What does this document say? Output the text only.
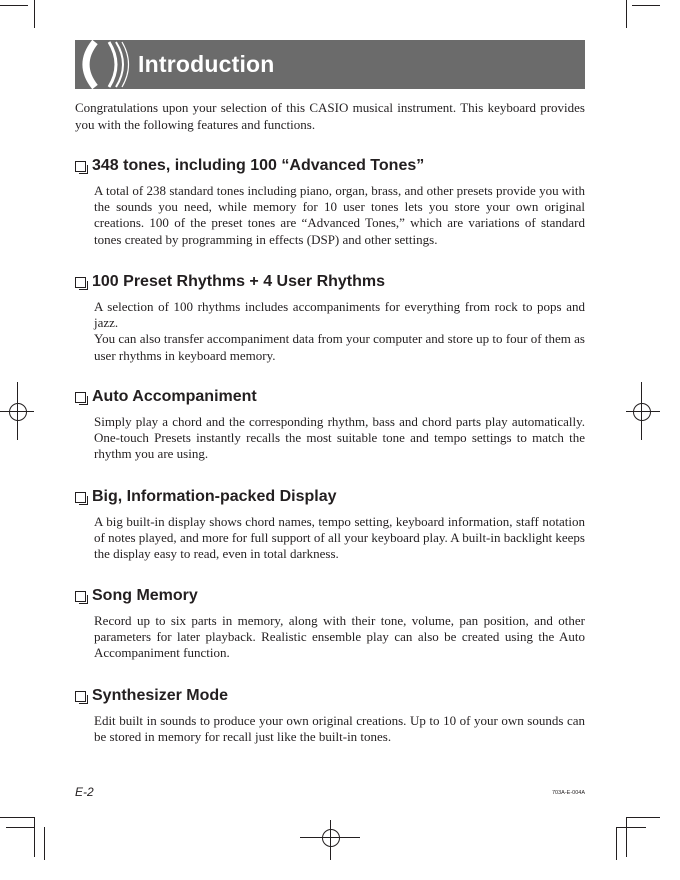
Introduction

Congratulations upon your selection of this CASIO musical instrument. This keyboard provides you with the following features and functions.

348 tones, including 100 “Advanced Tones”

A total of 238 standard tones including piano, organ, brass, and other presets provide you with the sounds you need, while memory for 10 user tones lets you store your own original creations. 100 of the preset tones are “Advanced Tones,” which are variations of standard tones created by programming in effects (DSP) and other settings.

100 Preset Rhythms + 4 User Rhythms

A selection of 100 rhythms includes accompaniments for everything from rock to pops and jazz.

You can also transfer accompaniment data from your computer and store up to four of them as user rhythms in keyboard memory.

Auto Accompaniment

Simply play a chord and the corresponding rhythm, bass and chord parts play automatically. One-touch Presets instantly recalls the most suitable tone and tempo settings to match the rhythm you are using.

Big, Information-packed Display

A big built-in display shows chord names, tempo setting, keyboard information, staff notation of notes played, and more for full support of all your keyboard play. A built-in backlight keeps the display easy to read, even in total darkness.

Song Memory

Record up to six parts in memory, along with their tone, volume, pan position, and other parameters for later playback. Realistic ensemble play can also be created using the Auto Accompaniment function.

Synthesizer Mode

Edit built in sounds to produce your own original creations. Up to 10 of your own sounds can be stored in memory for recall just like the built-in tones.

E-2	703A-E-004A
